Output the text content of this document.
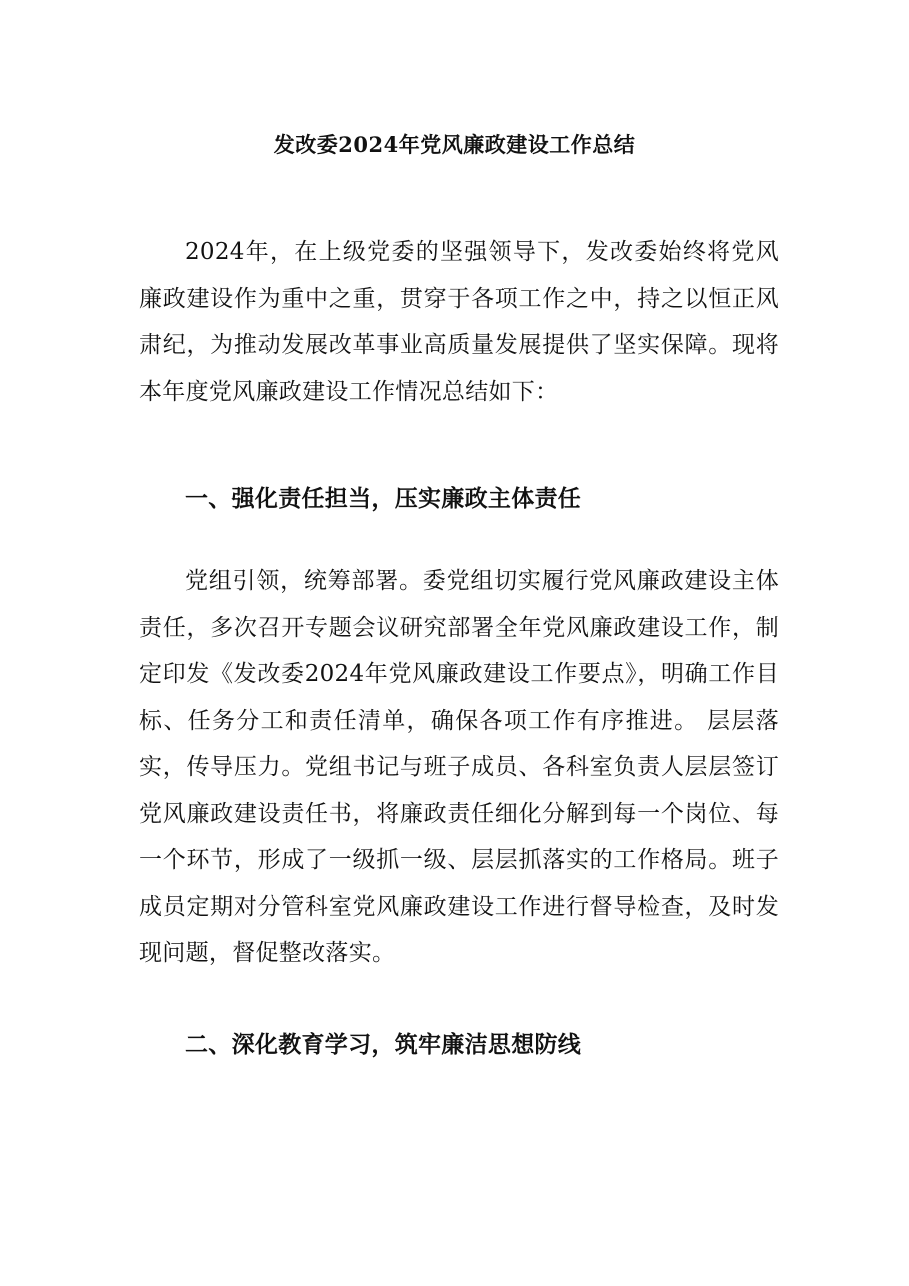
发改委2024年党风廉政建设工作总结

2024年，在上级党委的坚强领导下，发改委始终将党风廉政建设作为重中之重，贯穿于各项工作之中，持之以恒正风肃纪，为推动发展改革事业高质量发展提供了坚实保障。现将本年度党风廉政建设工作情况总结如下：

一、强化责任担当，压实廉政主体责任

党组引领，统筹部署。委党组切实履行党风廉政建设主体责任，多次召开专题会议研究部署全年党风廉政建设工作，制定印发《发改委2024年党风廉政建设工作要点》，明确工作目标、任务分工和责任清单，确保各项工作有序推进。 层层落实，传导压力。党组书记与班子成员、各科室负责人层层签订党风廉政建设责任书，将廉政责任细化分解到每一个岗位、每一个环节，形成了一级抓一级、层层抓落实的工作格局。班子成员定期对分管科室党风廉政建设工作进行督导检查，及时发现问题，督促整改落实。

二、深化教育学习，筑牢廉洁思想防线
